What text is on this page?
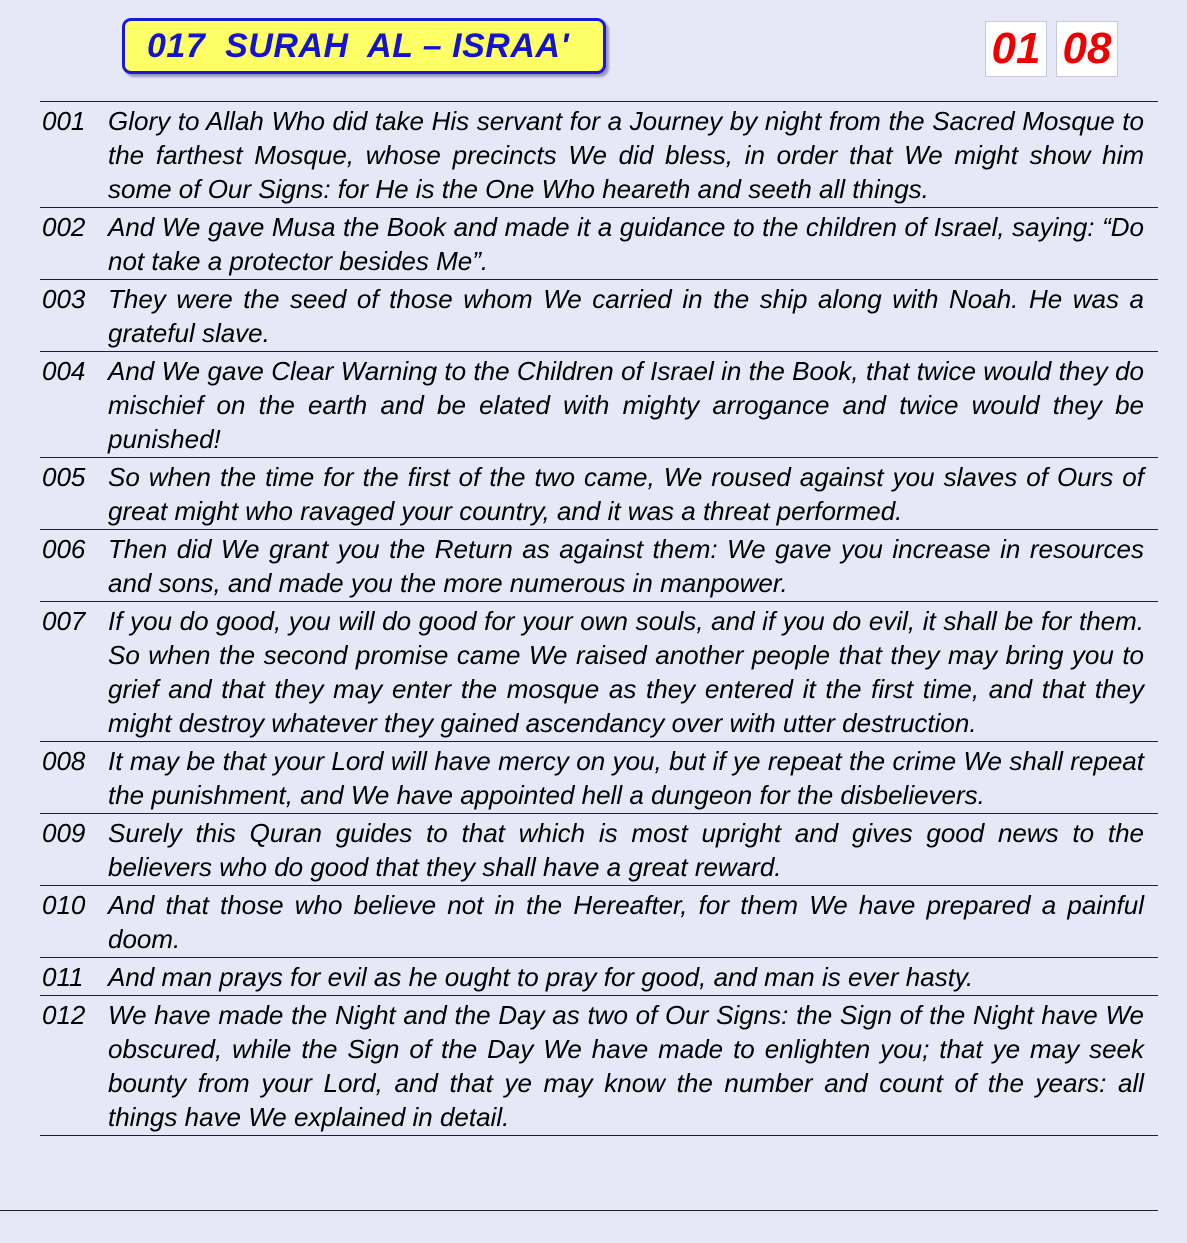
017  SURAH  AL – ISRAA'	01 08
001 Glory to Allah Who did take His servant for a Journey by night from the Sacred Mosque to the farthest Mosque, whose precincts We did bless, in order that We might show him some of Our Signs: for He is the One Who heareth and seeth all things.
002 And We gave Musa the Book and made it a guidance to the children of Israel, saying: “Do not take a protector besides Me”.
003 They were the seed of those whom We carried in the ship along with Noah. He was a grateful slave.
004 And We gave Clear Warning to the Children of Israel in the Book, that twice would they do mischief on the earth and be elated with mighty arrogance and twice would they be punished!
005 So when the time for the first of the two came, We roused against you slaves of Ours of great might who ravaged your country, and it was a threat performed.
006 Then did We grant you the Return as against them: We gave you increase in resources and sons, and made you the more numerous in manpower.
007 If you do good, you will do good for your own souls, and if you do evil, it shall be for them. So when the second promise came We raised another people that they may bring you to grief and that they may enter the mosque as they entered it the first time, and that they might destroy whatever they gained ascendancy over with utter destruction.
008 It may be that your Lord will have mercy on you, but if ye repeat the crime We shall repeat the punishment, and We have appointed hell a dungeon for the disbelievers.
009 Surely this Quran guides to that which is most upright and gives good news to the believers who do good that they shall have a great reward.
010 And that those who believe not in the Hereafter, for them We have prepared a painful doom.
011 And man prays for evil as he ought to pray for good, and man is ever hasty.
012 We have made the Night and the Day as two of Our Signs: the Sign of the Night have We obscured, while the Sign of the Day We have made to enlighten you; that ye may seek bounty from your Lord, and that ye may know the number and count of the years: all things have We explained in detail.
